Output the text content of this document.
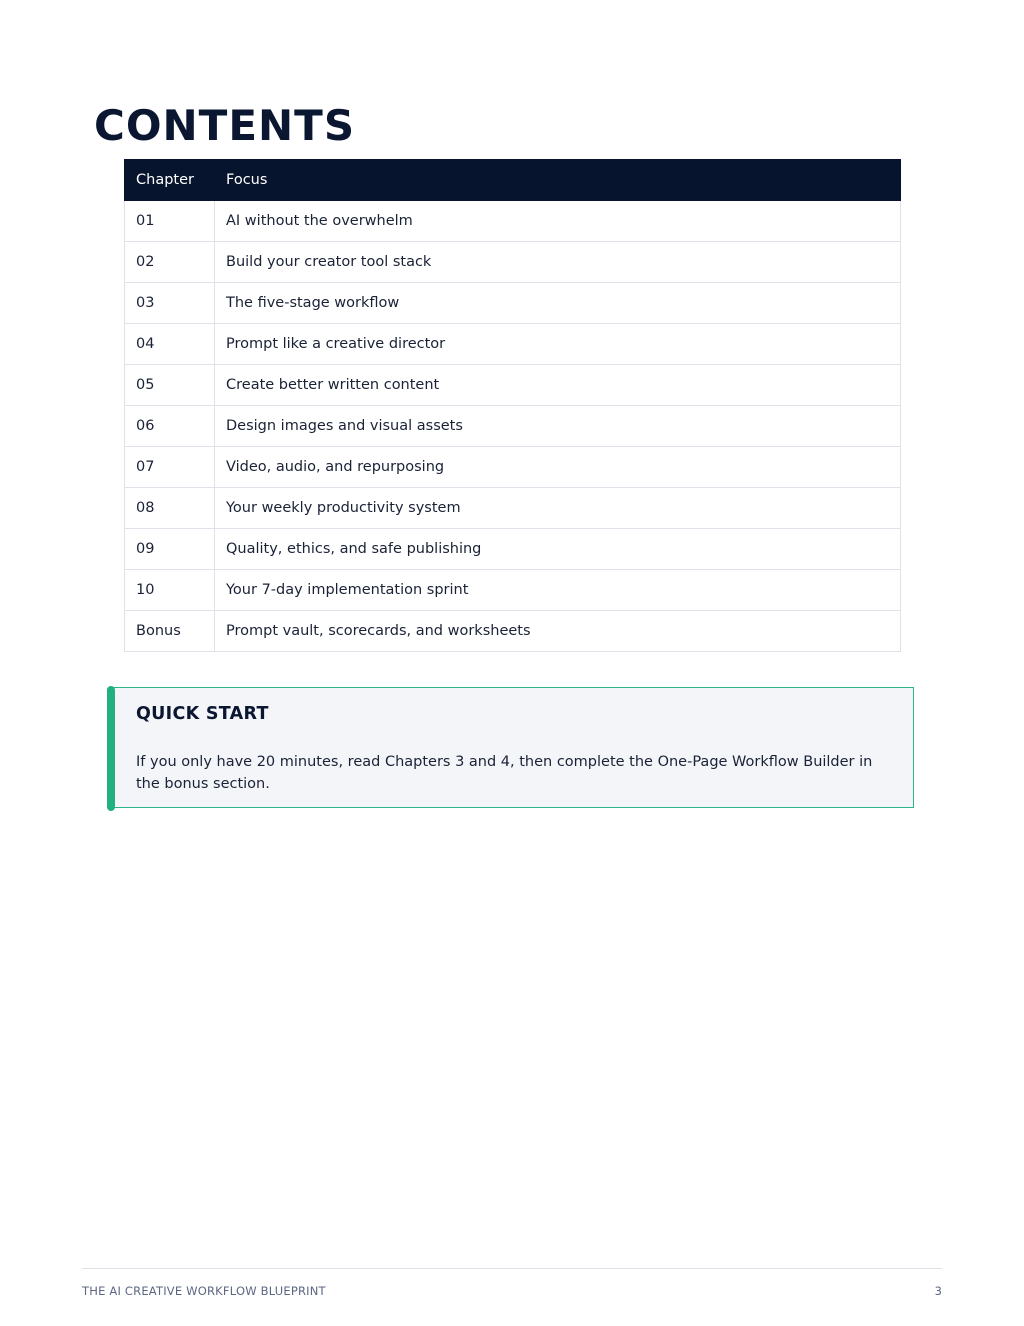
CONTENTS
Chapter	Focus
01	AI without the overwhelm
02	Build your creator tool stack
03	The five-stage workflow
04	Prompt like a creative director
05	Create better written content
06	Design images and visual assets
07	Video, audio, and repurposing
08	Your weekly productivity system
09	Quality, ethics, and safe publishing
10	Your 7-day implementation sprint
Bonus	Prompt vault, scorecards, and worksheets
QUICK START

If you only have 20 minutes, read Chapters 3 and 4, then complete the One-Page Workflow Builder in the bonus section.

THE AI CREATIVE WORKFLOW BLUEPRINT	3
